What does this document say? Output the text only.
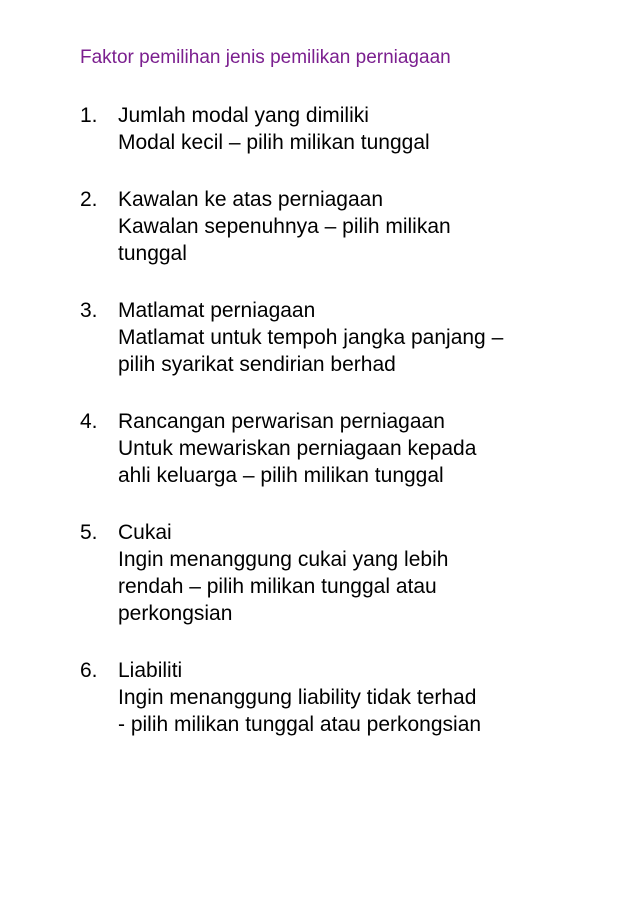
Faktor pemilihan jenis pemilikan perniagaan
1. Jumlah modal yang dimiliki
Modal kecil – pilih milikan tunggal
2. Kawalan ke atas perniagaan
Kawalan sepenuhnya – pilih milikan
tunggal
3. Matlamat perniagaan
Matlamat untuk tempoh jangka panjang –
pilih syarikat sendirian berhad
4. Rancangan perwarisan perniagaan
Untuk mewariskan perniagaan kepada
ahli keluarga – pilih milikan tunggal
5. Cukai
Ingin menanggung cukai yang lebih
rendah – pilih milikan tunggal atau
perkongsian
6. Liabiliti
Ingin menanggung liability tidak terhad
- pilih milikan tunggal atau perkongsian
